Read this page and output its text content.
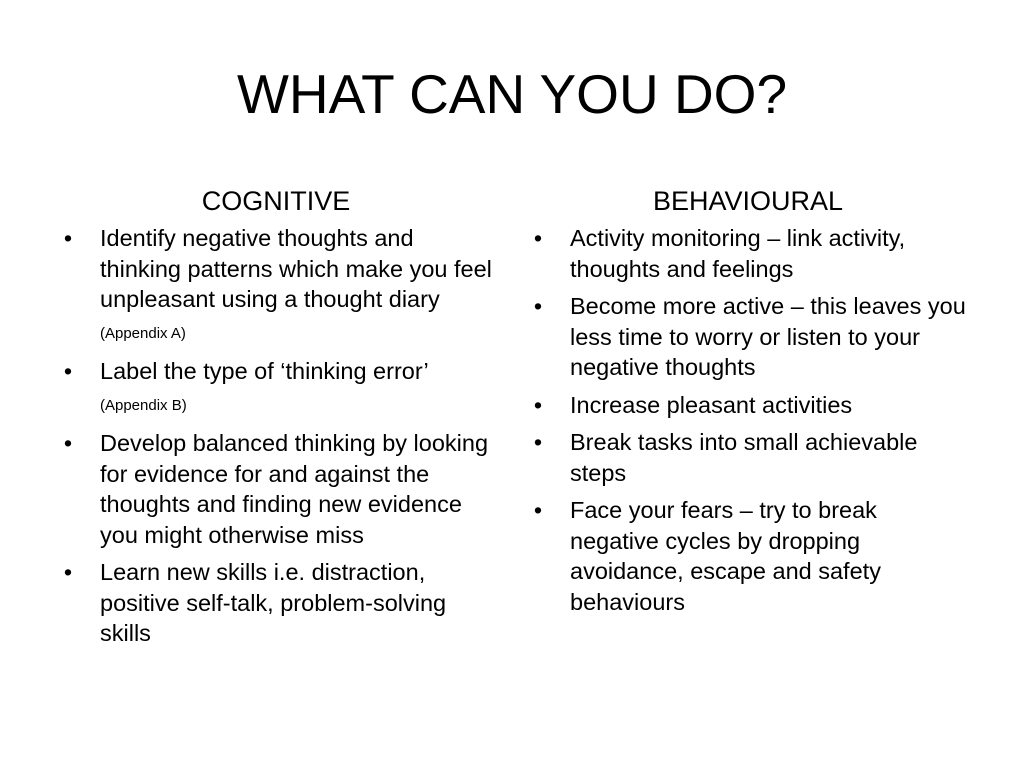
WHAT CAN YOU DO?
COGNITIVE
• Identify negative thoughts and thinking patterns which make you feel unpleasant using a thought diary (Appendix A)
• Label the type of ‘thinking error’ (Appendix B)
• Develop balanced thinking by looking for evidence for and against the thoughts and finding new evidence you might otherwise miss
• Learn new skills i.e. distraction, positive self-talk, problem-solving skills
BEHAVIOURAL
• Activity monitoring – link activity, thoughts and feelings
• Become more active – this leaves you less time to worry or listen to your negative thoughts
• Increase pleasant activities
• Break tasks into small achievable steps
• Face your fears – try to break negative cycles by dropping avoidance, escape and safety behaviours
